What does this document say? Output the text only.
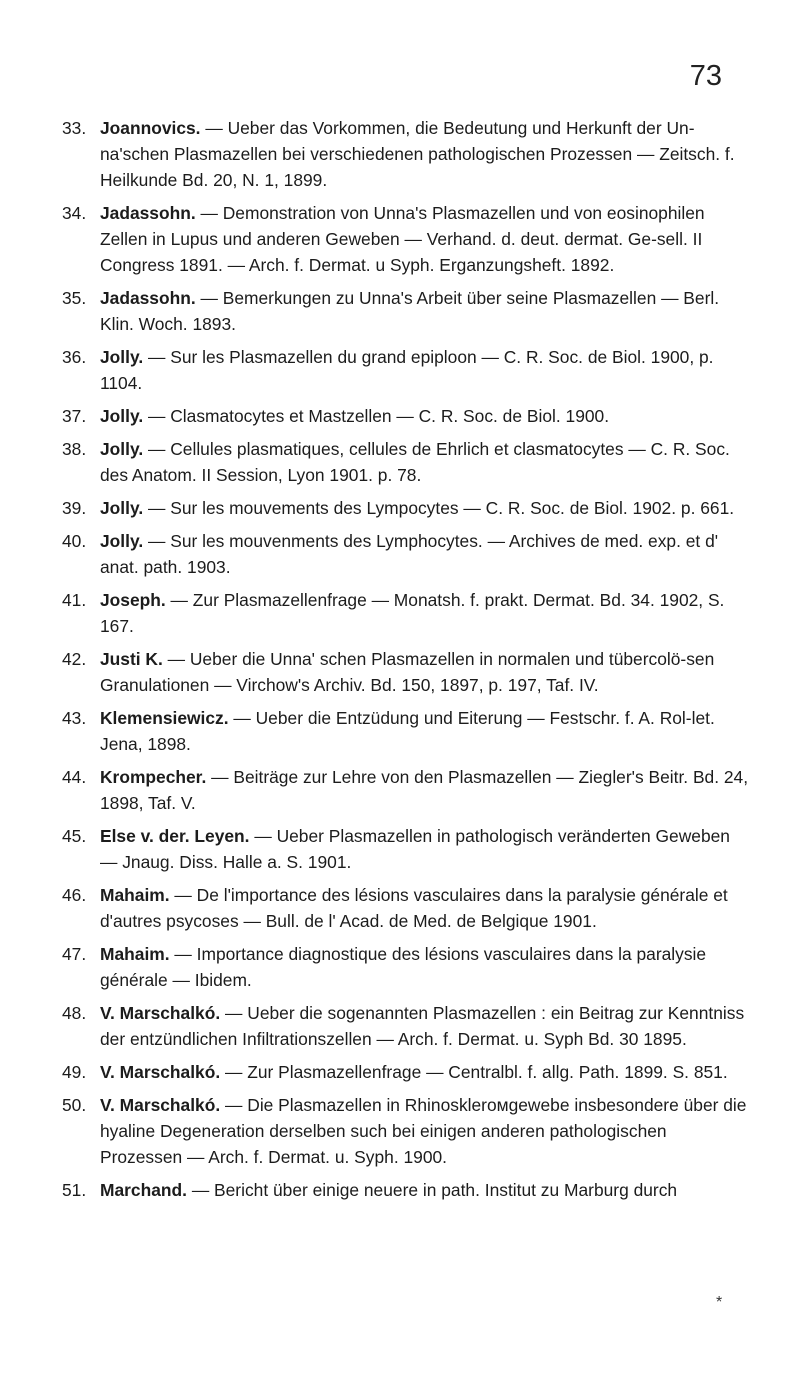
73
33. Joannovics. — Ueber das Vorkommen, die Bedeutung und Herkunft der Un-na'schen Plasmazellen bei verschiedenen pathologischen Prozessen — Zeitsch. f. Heilkunde Bd. 20, N. 1, 1899.
34. Jadassohn. — Demonstration von Unna's Plasmazellen und von eosinophilen Zellen in Lupus und anderen Geweben — Verhand. d. deut. dermat. Ge-sell. II Congress 1891. — Arch. f. Dermat. u Syph. Erganzungsheft. 1892.
35. Jadassohn. — Bemerkungen zu Unna's Arbeit über seine Plasmazellen — Berl. Klin. Woch. 1893.
36. Jolly. — Sur les Plasmazellen du grand epiploon — C. R. Soc. de Biol. 1900, p. 1104.
37. Jolly. — Clasmatocytes et Mastzellen — C. R. Soc. de Biol. 1900.
38. Jolly. — Cellules plasmatiques, cellules de Ehrlich et clasmatocytes — C. R. Soc. des Anatom. II Session, Lyon 1901. p. 78.
39. Jolly. — Sur les mouvements des Lympocytes — C. R. Soc. de Biol. 1902. p. 661.
40. Jolly. — Sur les mouvenments des Lymphocytes. — Archives de med. exp. et d' anat. path. 1903.
41. Joseph. — Zur Plasmazellenfrage — Monatsh. f. prakt. Dermat. Bd. 34. 1902, S. 167.
42. Justi K. — Ueber die Unna' schen Plasmazellen in normalen und tübercolö-sen Granulationen — Virchow's Archiv. Bd. 150, 1897, p. 197, Taf. IV.
43. Klemensiewicz. — Ueber die Entzüdung und Eiterung — Festschr. f. A. Rol-let. Jena, 1898.
44. Krompecher. — Beiträge zur Lehre von den Plasmazellen — Ziegler's Beitr. Bd. 24, 1898, Taf. V.
45. Else v. der. Leyen. — Ueber Plasmazellen in pathologisch veränderten Geweben — Jnaug. Diss. Halle a. S. 1901.
46. Mahaim. — De l'importance des lésions vasculaires dans la paralysie générale et d'autres psycoses — Bull. de l' Acad. de Med. de Belgique 1901.
47. Mahaim. — Importance diagnostique des lésions vasculaires dans la paralysie générale — Ibidem.
48. V. Marschalkó. — Ueber die sogenannten Plasmazellen : ein Beitrag zur Kenntniss der entzündlichen Infiltrationszellen — Arch. f. Dermat. u. Syph Bd. 30 1895.
49. V. Marschalkó. — Zur Plasmazellenfrage — Centralbl. f. allg. Path. 1899. S. 851.
50. V. Marschalkó. — Die Plasmazellen in Rhinosklerомgewebe insbesondere über die hyaline Degeneration derselben such bei einigen anderen pathologischen Prozessen — Arch. f. Dermat. u. Syph. 1900.
51. Marchand. — Bericht über einige neuere in path. Institut zu Marburg durch
*
